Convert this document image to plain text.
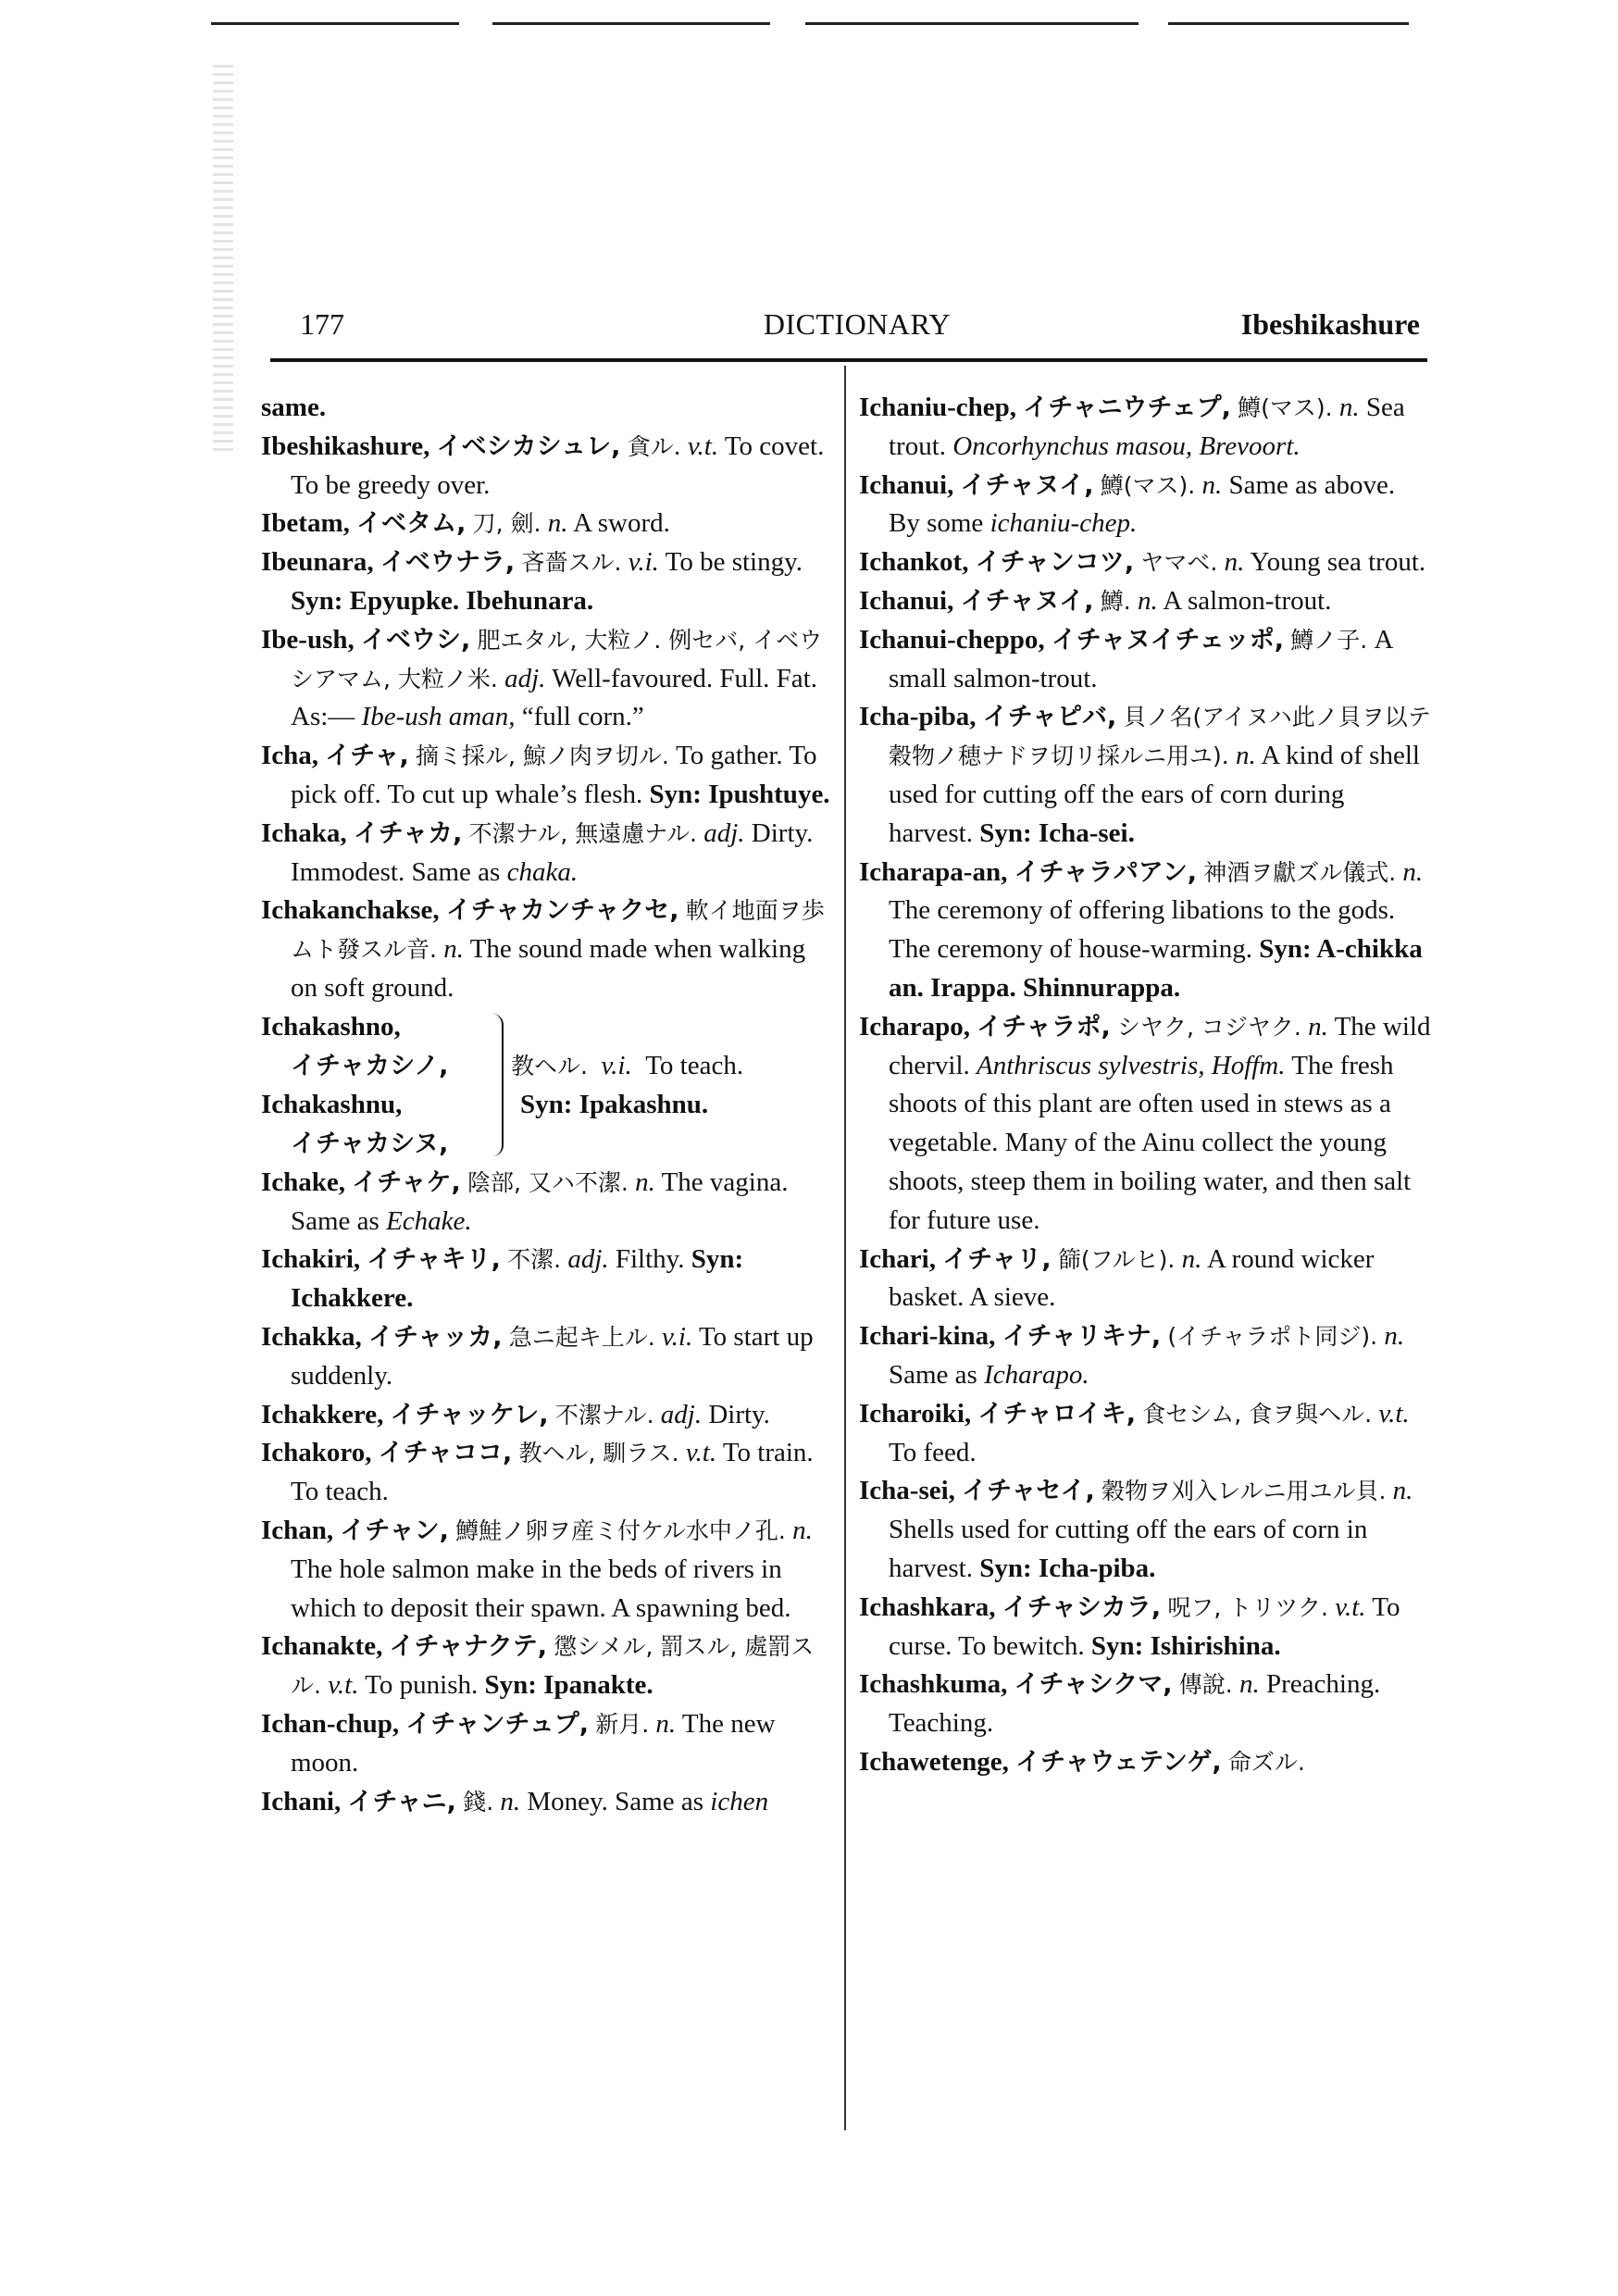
177	DICTIONARY	Ibeshikashure

same.

Ibeshikashure, イベシカシュレ, 貪ル. v.t. To covet. To be greedy over.

Ibetam, イベタム, 刀, 劍. n. A sword.

Ibeunara, イベウナラ, 吝嗇スル. v.i. To be stingy. Syn: Epyupke. Ibehunara.

Ibe-ush, イベウシ, 肥エタル, 大粒ノ. 例セバ, イベウシアマム, 大粒ノ米. adj. Well-favoured. Full. Fat. As:— Ibe-ush aman, “full corn.”

Icha, イチャ, 摘ミ採ル, 鯨ノ肉ヲ切ル. To gather. To pick off. To cut up whale’s flesh. Syn: Ipushtuye.

Ichaka, イチャカ, 不潔ナル, 無遠慮ナル. adj. Dirty. Immodest. Same as chaka.

Ichakanchakse, イチャカンチャクセ, 軟イ地面ヲ歩ムト發スル音. n. The sound made when walking on soft ground.

Ichakashno,
イチャカシノ,
Ichakashnu,
イチャカシヌ,
教ヘル. v.i. To teach.
Syn: Ipakashnu.

Ichake, イチャケ, 陰部, 又ハ不潔. n. The vagina. Same as Echake.

Ichakiri, イチャキリ, 不潔. adj. Filthy. Syn: Ichakkere.

Ichakka, イチャッカ, 急ニ起キ上ル. v.i. To start up suddenly.

Ichakkere, イチャッケレ, 不潔ナル. adj. Dirty.

Ichakoro, イチャココ, 教ヘル, 馴ラス. v.t. To train. To teach.

Ichan, イチャン, 鱒鮭ノ卵ヲ産ミ付ケル水中ノ孔. n. The hole salmon make in the beds of rivers in which to deposit their spawn. A spawning bed.

Ichanakte, イチャナクテ, 懲シメル, 罰スル, 處罰スル. v.t. To punish. Syn: Ipanakte.

Ichan-chup, イチャンチュプ, 新月. n. The new moon.

Ichani, イチャニ, 錢. n. Money. Same as ichen

Ichaniu-chep, イチャニウチェプ, 鱒(マス). n. Sea trout. Oncorhynchus masou, Brevoort.

Ichanui, イチャヌイ, 鱒(マス). n. Same as above. By some ichaniu-chep.

Ichankot, イチャンコツ, ヤマベ. n. Young sea trout.

Ichanui, イチャヌイ, 鱒. n. A salmon-trout.

Ichanui-cheppo, イチャヌイチェッポ, 鱒ノ子. A small salmon-trout.

Icha-piba, イチャピバ, 貝ノ名(アイヌハ此ノ貝ヲ以テ穀物ノ穂ナドヲ切リ採ルニ用ユ). n. A kind of shell used for cutting off the ears of corn during harvest. Syn: Icha-sei.

Icharapa-an, イチャラパアン, 神酒ヲ獻ズル儀式. n. The ceremony of offering libations to the gods. The ceremony of house-warming. Syn: A-chikka an. Irappa. Shinnurappa.

Icharapo, イチャラポ, シヤク, コジヤク. n. The wild chervil. Anthriscus sylvestris, Hoffm. The fresh shoots of this plant are often used in stews as a vegetable. Many of the Ainu collect the young shoots, steep them in boiling water, and then salt for future use.

Ichari, イチャリ, 篩(フルヒ). n. A round wicker basket. A sieve.

Ichari-kina, イチャリキナ, (イチャラポト同ジ). n. Same as Icharapo.

Icharoiki, イチャロイキ, 食セシム, 食ヲ與ヘル. v.t. To feed.

Icha-sei, イチャセイ, 穀物ヲ刈入レルニ用ユル貝. n. Shells used for cutting off the ears of corn in harvest. Syn: Icha-piba.

Ichashkara, イチャシカラ, 呪フ, トリツク. v.t. To curse. To bewitch. Syn: Ishirishina.

Ichashkuma, イチャシクマ, 傳說. n. Preaching. Teaching.

Ichawetenge, イチャウェテンゲ, 命ズル.
